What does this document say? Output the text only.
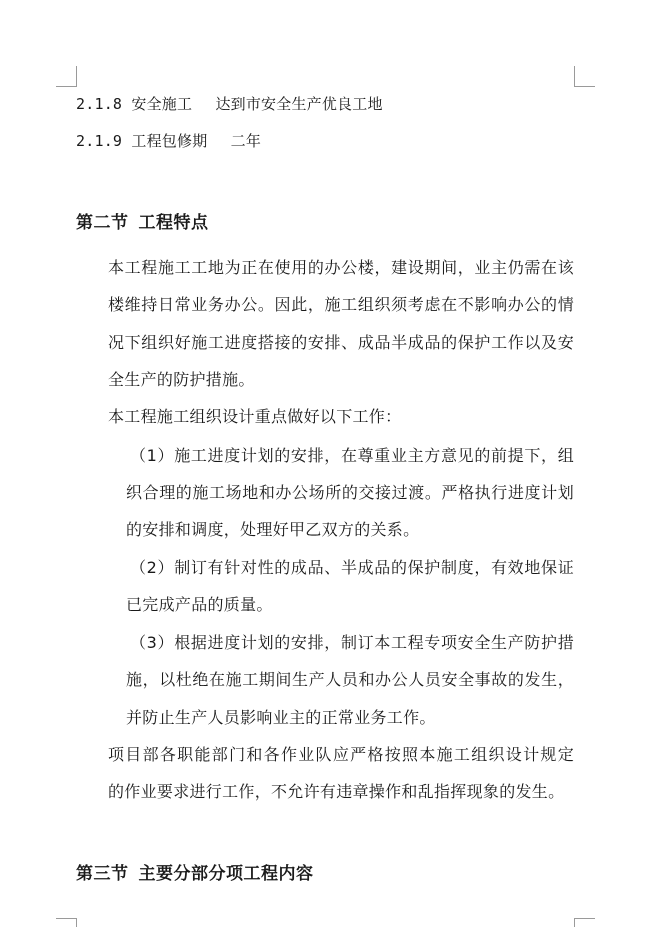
2.1.8 安全施工 达到市安全生产优良工地
2.1.9 工程包修期 二年
第二节 工程特点
本工程施工工地为正在使用的办公楼，建设期间，业主仍需在该
楼维持日常业务办公。因此，施工组织须考虑在不影响办公的情
况下组织好施工进度搭接的安排、成品半成品的保护工作以及安
全生产的防护措施。
本工程施工组织设计重点做好以下工作：
（1）施工进度计划的安排，在尊重业主方意见的前提下，组
织合理的施工场地和办公场所的交接过渡。严格执行进度计划
的安排和调度，处理好甲乙双方的关系。
（2）制订有针对性的成品、半成品的保护制度，有效地保证
已完成产品的质量。
（3）根据进度计划的安排，制订本工程专项安全生产防护措
施，以杜绝在施工期间生产人员和办公人员安全事故的发生，
并防止生产人员影响业主的正常业务工作。
项目部各职能部门和各作业队应严格按照本施工组织设计规定
的作业要求进行工作，不允许有违章操作和乱指挥现象的发生。
第三节 主要分部分项工程内容
